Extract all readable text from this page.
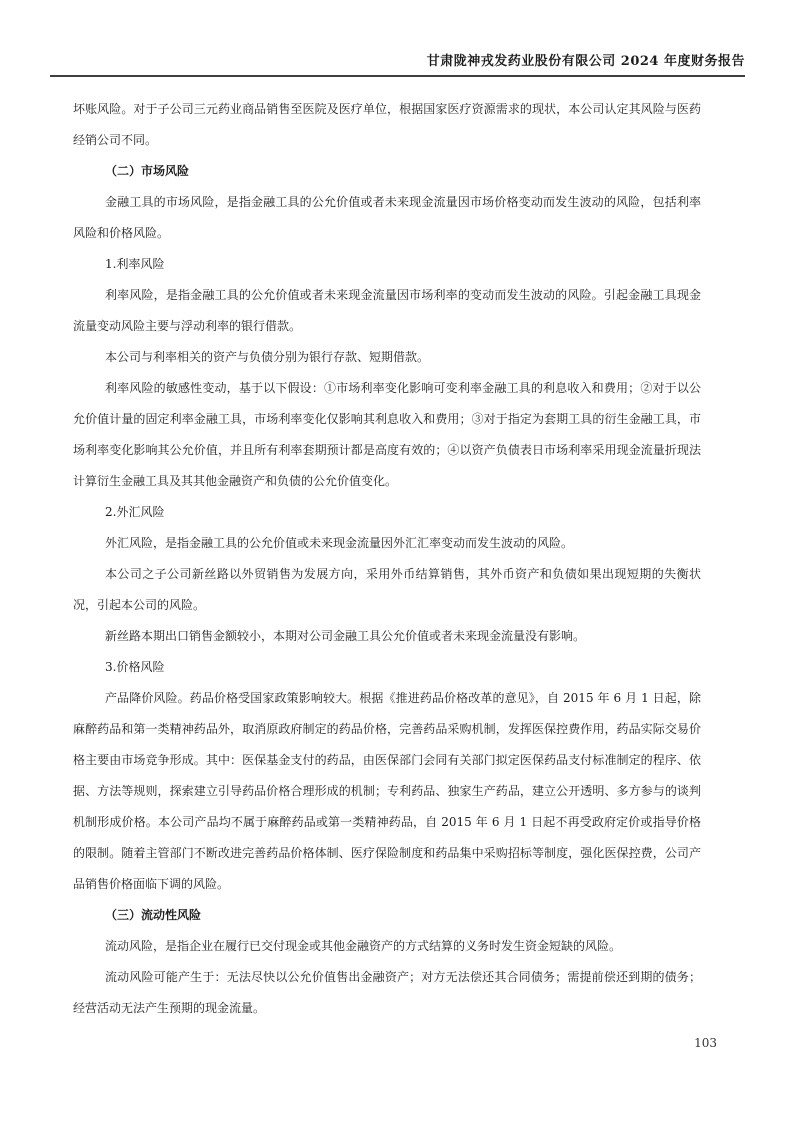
甘肃陇神戎发药业股份有限公司 2024 年度财务报告

坏账风险。对于子公司三元药业商品销售至医院及医疗单位，根据国家医疗资源需求的现状，本公司认定其风险与医药经销公司不同。

（二）市场风险

金融工具的市场风险，是指金融工具的公允价值或者未来现金流量因市场价格变动而发生波动的风险，包括利率风险和价格风险。

1.利率风险

利率风险，是指金融工具的公允价值或者未来现金流量因市场利率的变动而发生波动的风险。引起金融工具现金流量变动风险主要与浮动利率的银行借款。

本公司与利率相关的资产与负债分别为银行存款、短期借款。

利率风险的敏感性变动，基于以下假设：①市场利率变化影响可变利率金融工具的利息收入和费用；②对于以公允价值计量的固定利率金融工具，市场利率变化仅影响其利息收入和费用；③对于指定为套期工具的衍生金融工具，市场利率变化影响其公允价值，并且所有利率套期预计都是高度有效的；④以资产负债表日市场利率采用现金流量折现法计算衍生金融工具及其其他金融资产和负债的公允价值变化。

2.外汇风险

外汇风险，是指金融工具的公允价值或未来现金流量因外汇汇率变动而发生波动的风险。

本公司之子公司新丝路以外贸销售为发展方向，采用外币结算销售，其外币资产和负债如果出现短期的失衡状况，引起本公司的风险。

新丝路本期出口销售金额较小，本期对公司金融工具公允价值或者未来现金流量没有影响。

3.价格风险

产品降价风险。药品价格受国家政策影响较大。根据《推进药品价格改革的意见》，自 2015 年 6 月 1 日起，除麻醉药品和第一类精神药品外，取消原政府制定的药品价格，完善药品采购机制，发挥医保控费作用，药品实际交易价格主要由市场竞争形成。其中：医保基金支付的药品，由医保部门会同有关部门拟定医保药品支付标准制定的程序、依据、方法等规则，探索建立引导药品价格合理形成的机制；专利药品、独家生产药品，建立公开透明、多方参与的谈判机制形成价格。本公司产品均不属于麻醉药品或第一类精神药品，自 2015 年 6 月 1 日起不再受政府定价或指导价格的限制。随着主管部门不断改进完善药品价格体制、医疗保险制度和药品集中采购招标等制度，强化医保控费，公司产品销售价格面临下调的风险。

（三）流动性风险

流动风险，是指企业在履行已交付现金或其他金融资产的方式结算的义务时发生资金短缺的风险。

流动风险可能产生于：无法尽快以公允价值售出金融资产；对方无法偿还其合同债务；需提前偿还到期的债务；经营活动无法产生预期的现金流量。

103
